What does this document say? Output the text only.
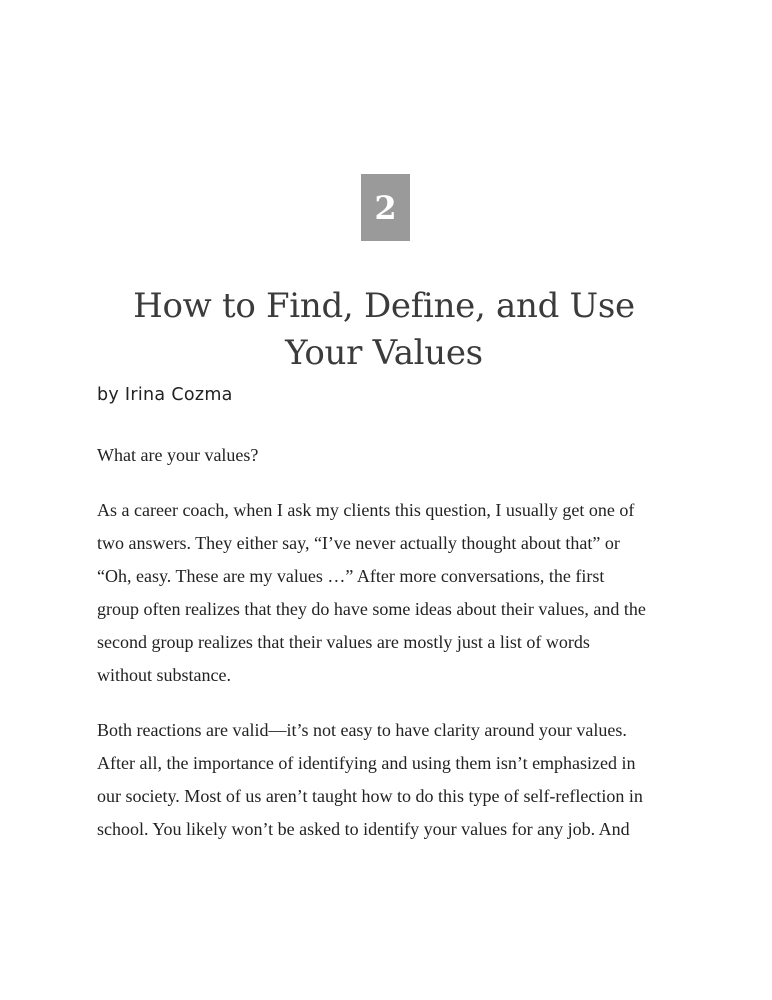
2
How to Find, Define, and Use
Your Values
by Irina Cozma

What are your values?

As a career coach, when I ask my clients this question, I usually get one of

two answers. They either say, “I’ve never actually thought about that” or

“Oh, easy. These are my values …” After more conversations, the first

group often realizes that they do have some ideas about their values, and the

second group realizes that their values are mostly just a list of words

without substance.

Both reactions are valid—it’s not easy to have clarity around your values.

After all, the importance of identifying and using them isn’t emphasized in

our society. Most of us aren’t taught how to do this type of self-reflection in

school. You likely won’t be asked to identify your values for any job. And
